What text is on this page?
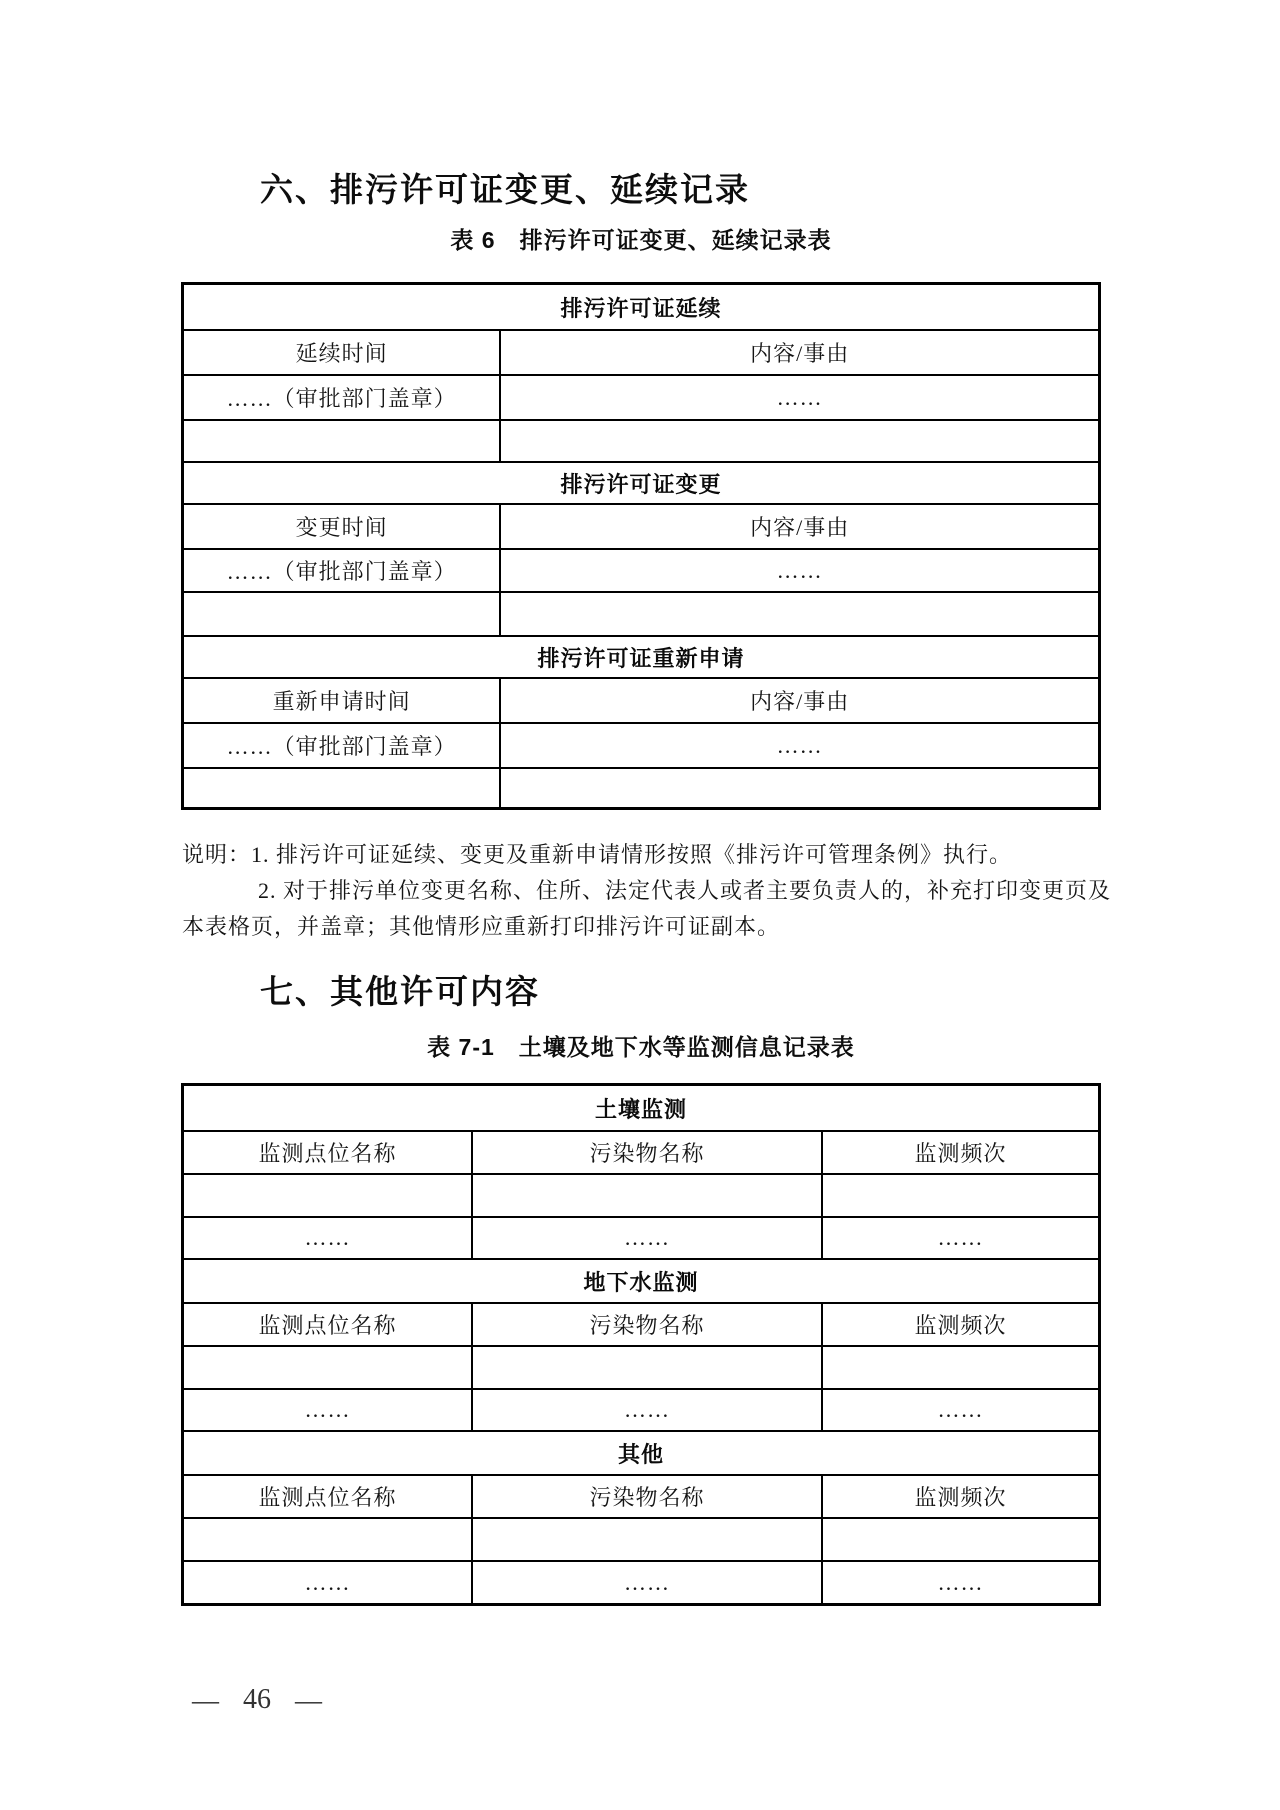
六、排污许可证变更、延续记录
表 6　排污许可证变更、延续记录表
排污许可证延续
延续时间	内容/事由
……（审批部门盖章）	……
排污许可证变更
变更时间	内容/事由
……（审批部门盖章）	……
排污许可证重新申请
重新申请时间	内容/事由
……（审批部门盖章）	……
说明：1. 排污许可证延续、变更及重新申请情形按照《排污许可管理条例》执行。
2. 对于排污单位变更名称、住所、法定代表人或者主要负责人的，补充打印变更页及
本表格页，并盖章；其他情形应重新打印排污许可证副本。
七、其他许可内容
表 7-1　土壤及地下水等监测信息记录表
土壤监测
监测点位名称	污染物名称	监测频次
……	……	……
地下水监测
监测点位名称	污染物名称	监测频次
……	……	……
其他
监测点位名称	污染物名称	监测频次
……	……	……
— 46 —
